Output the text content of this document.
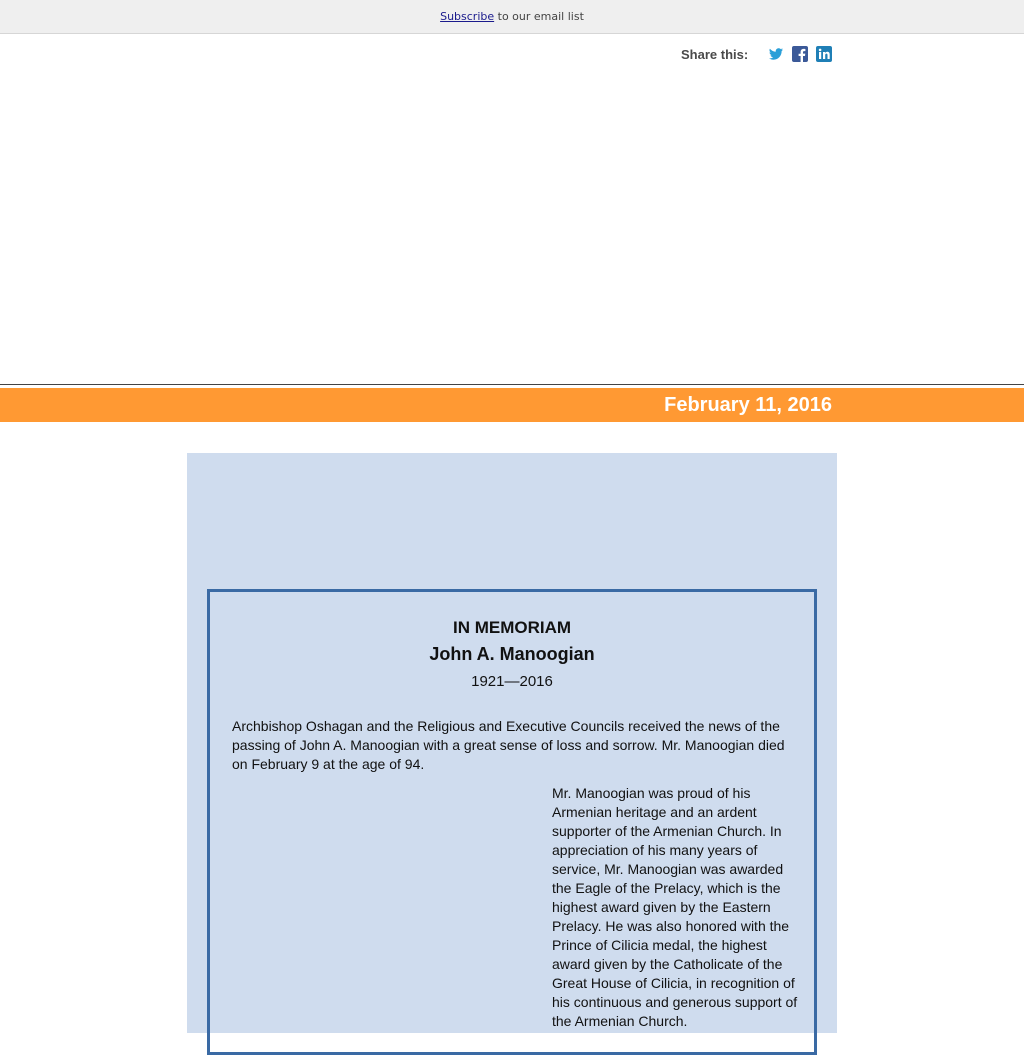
Subscribe to our email list
Share this:
February 11, 2016
IN MEMORIAM
John A. Manoogian
1921—2016
Archbishop Oshagan and the Religious and Executive Councils received the news of the passing of John A. Manoogian with a great sense of loss and sorrow. Mr. Manoogian died on February 9 at the age of 94.
Mr. Manoogian was proud of his Armenian heritage and an ardent supporter of the Armenian Church. In appreciation of his many years of service, Mr. Manoogian was awarded the Eagle of the Prelacy, which is the highest award given by the Eastern Prelacy. He was also honored with the Prince of Cilicia medal, the highest award given by the Catholicate of the Great House of Cilicia, in recognition of his continuous and generous support of the Armenian Church.
